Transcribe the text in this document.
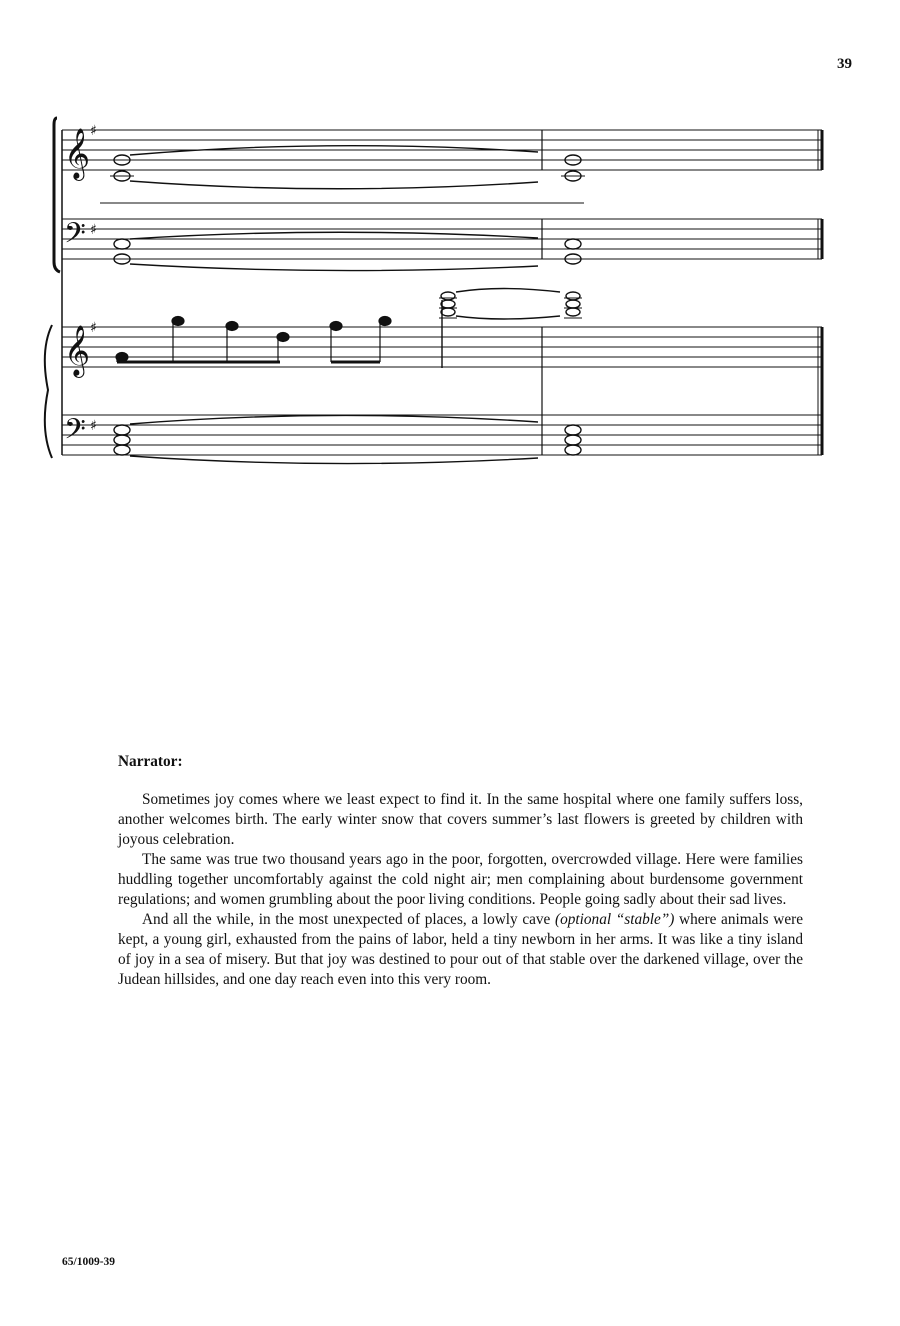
39
𝄞
𝄢
𝄞
𝄢
♯
♯
♯
♯

Narrator:

Sometimes joy comes where we least expect to find it. In the same hospital where one family suffers loss, another welcomes birth. The early winter snow that covers summer’s last flowers is greeted by children with joyous celebration.

The same was true two thousand years ago in the poor, forgotten, overcrowded village. Here were families huddling together uncomfortably against the cold night air; men complaining about burdensome government regulations; and women grumbling about the poor living conditions. People going sadly about their sad lives.

And all the while, in the most unexpected of places, a lowly cave (optional “stable”) where animals were kept, a young girl, exhausted from the pains of labor, held a tiny newborn in her arms. It was like a tiny island of joy in a sea of misery. But that joy was destined to pour out of that stable over the darkened village, over the Judean hillsides, and one day reach even into this very room.

65/1009-39
